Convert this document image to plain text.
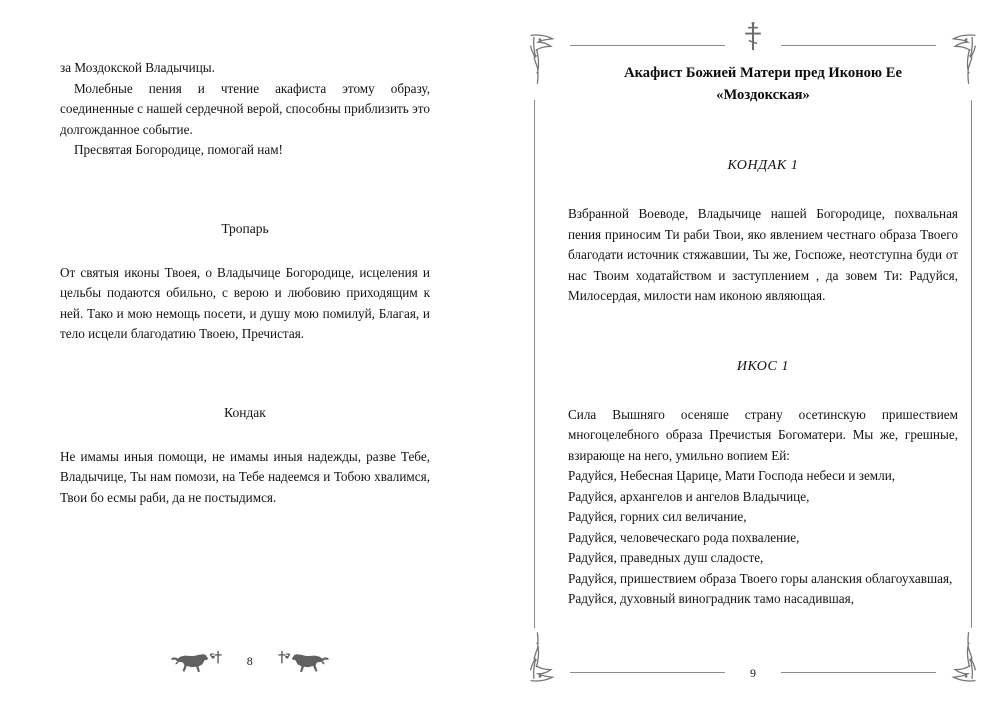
за Моздокской Владычицы.

Молебные пения и чтение акафиста этому образу, соединенные с нашей сердечной верой, способны приблизить это долгожданное событие.

Пресвятая Богородице, помогай нам!

Тропарь

От святыя иконы Твоея, о Владычице Богородице, исцеления и цельбы подаются обильно, с верою и любовию приходящим к ней. Тако и мою немощь посети, и душу мою помилуй, Благая, и тело исцели благодатию Твоею, Пречистая.

Кондак

Не имамы иныя помощи, не имамы иныя надежды, разве Тебе, Владычице, Ты нам помози, на Тебе надеемся и Тобою хвалимся, Твои бо есмы раби, да не постыдимся.

8
9

Акафист Божией Матери пред Иконою Ее

«Моздокская»

КОНДАК 1

Взбранной Воеводе, Владычице нашей Богородице, похвальная пения приносим Ти раби Твои, яко явлением честнаго образа Твоего благодати источник стяжавшии, Ты же, Госпоже, неотступна буди от нас Твоим ходатайством и заступлением , да зовем Ти: Радуйся, Милосердая, милости нам иконою являющая.

ИКОС 1

Сила Вышняго осеняше страну осетинскую пришествием многоцелебного образа Пречистыя Богоматери. Мы же, грешные, взирающе на него, умильно вопием Ей:

Радуйся, Небесная Царице, Мати Господа небеси и земли,

Радуйся, архангелов и ангелов Владычице,

Радуйся, горних сил величание,

Радуйся, человеческаго рода похваление,

Радуйся, праведных душ сладосте,

Радуйся, пришествием образа Твоего горы аланския облагоухавшая,

Радуйся, духовный виноградник тамо насадившая,
